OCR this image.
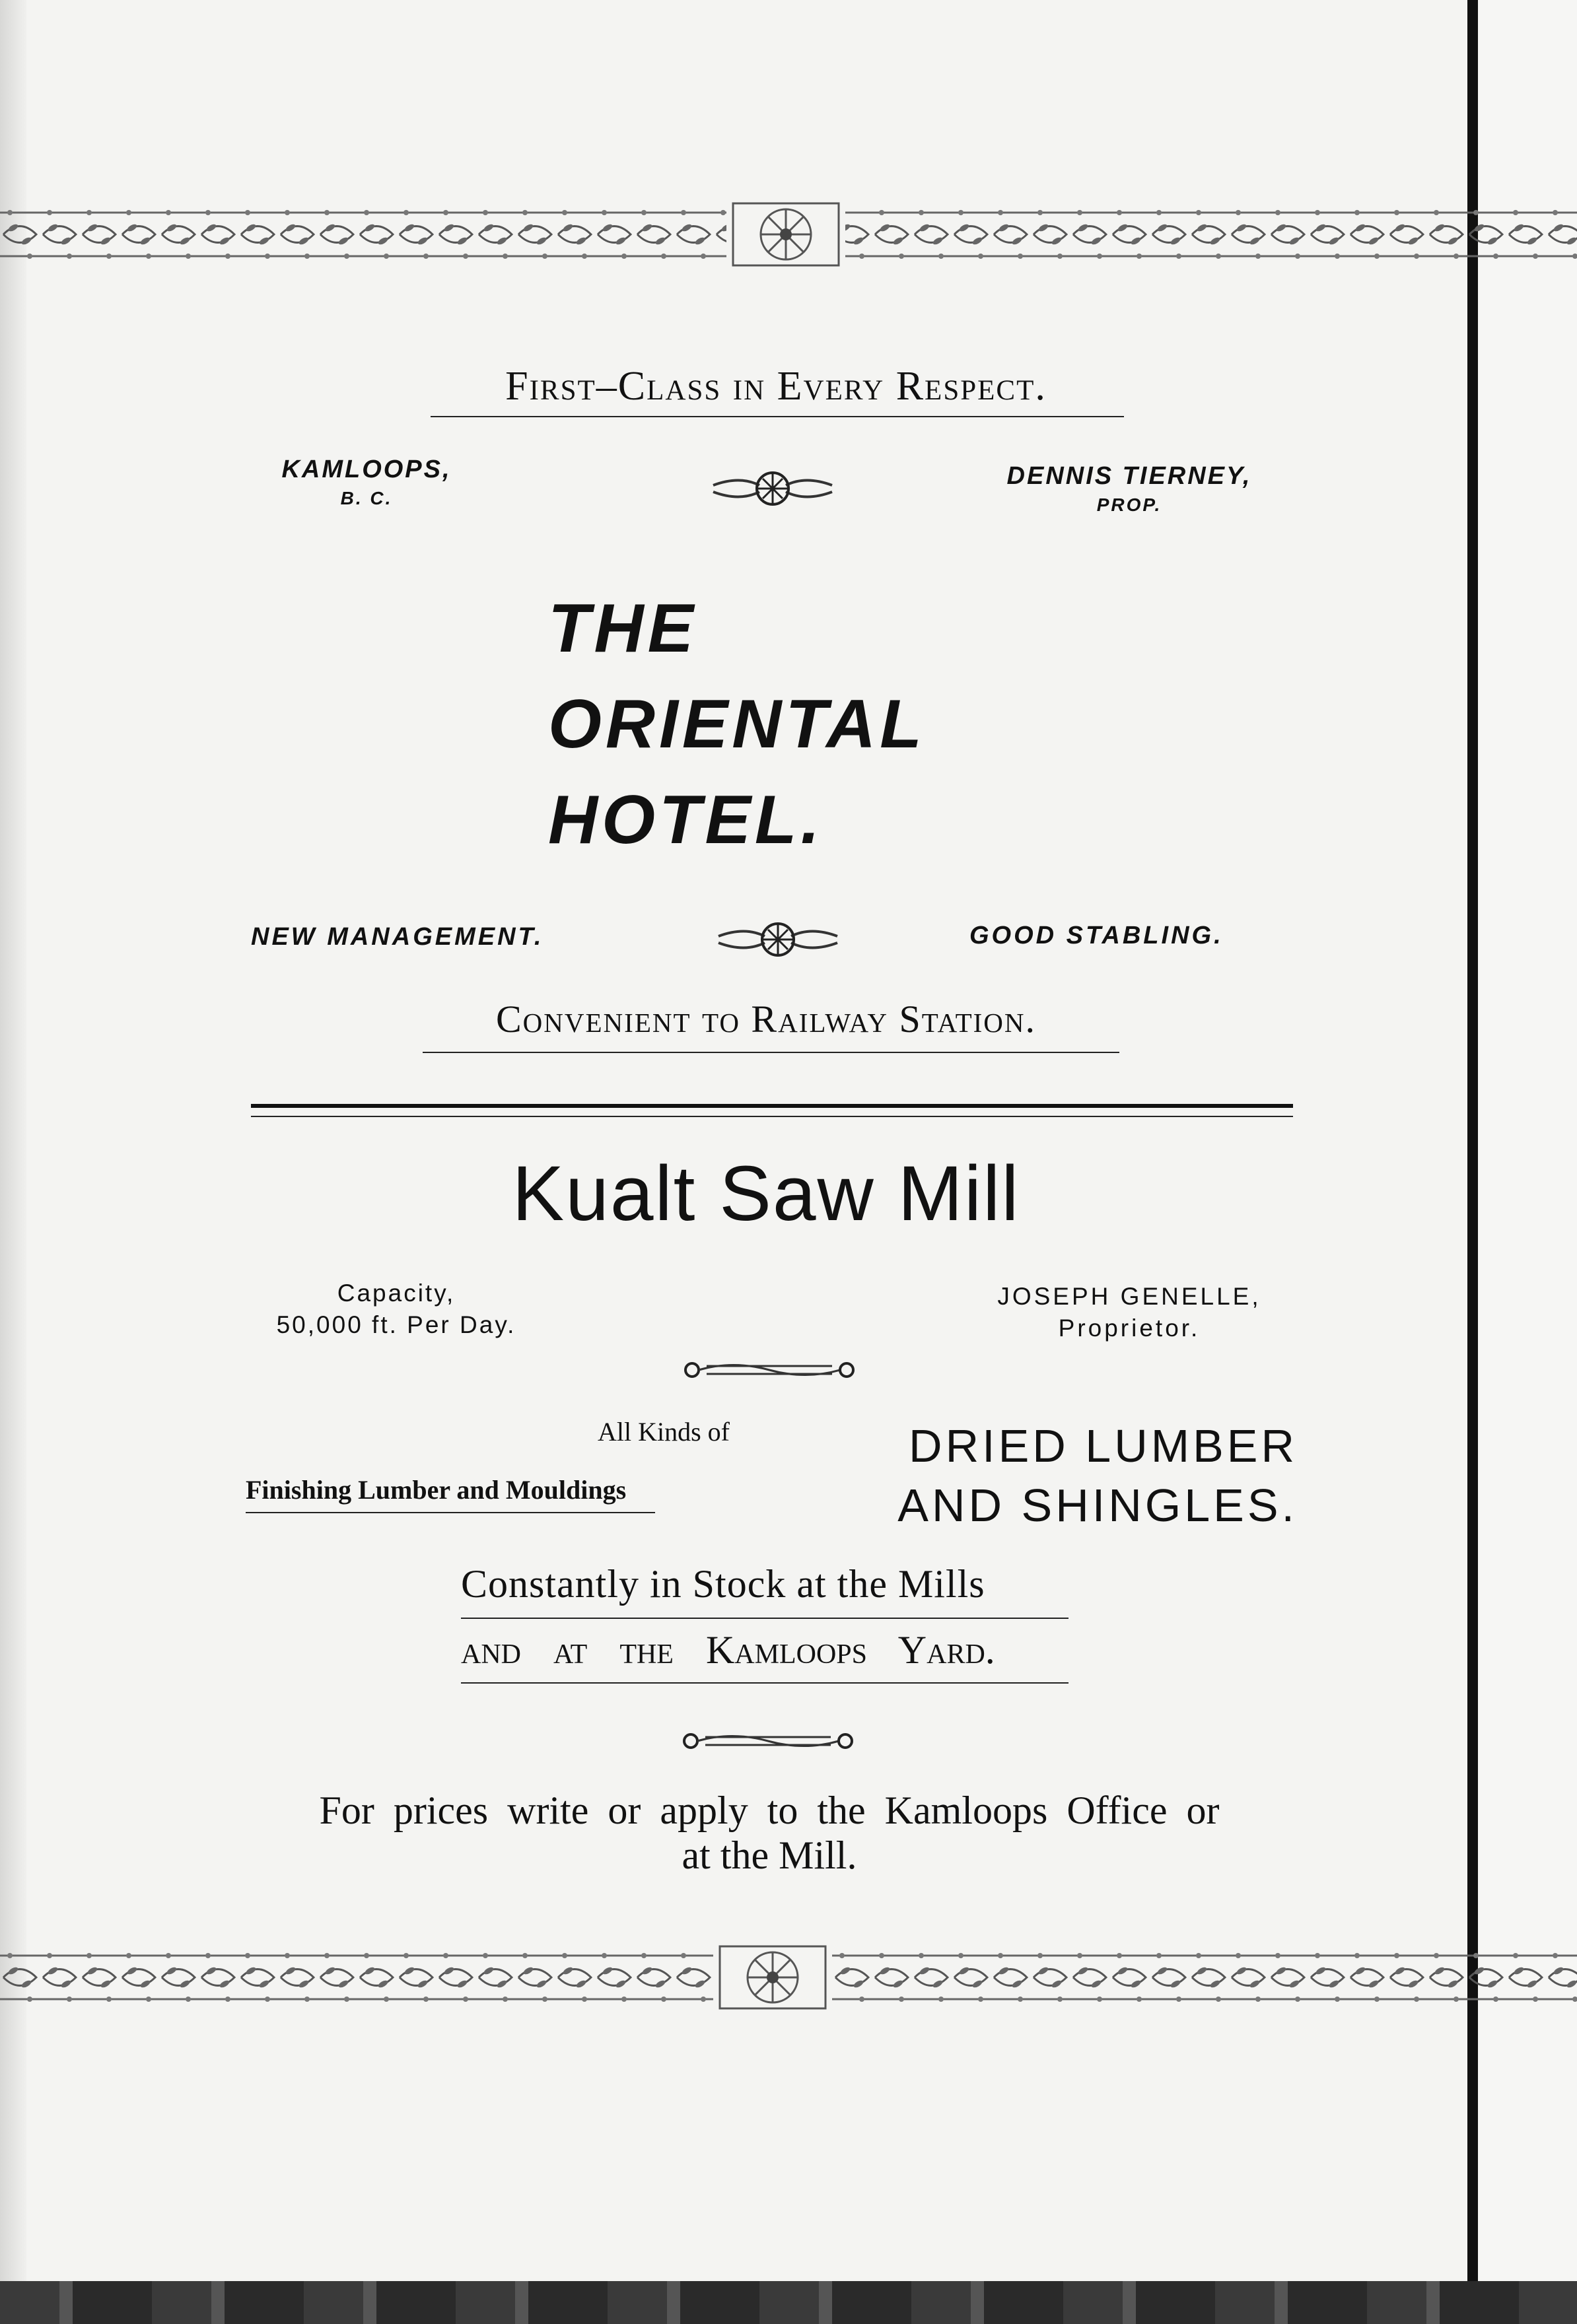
First–Class in Every Respect.
KAMLOOPS,
B. C.
DENNIS TIERNEY,
PROP.
THE
ORIENTAL
HOTEL.
NEW MANAGEMENT.	GOOD STABLING.
Convenient to Railway Station.
Kualt Saw Mill
Capacity,
50,000 ft. Per Day.
JOSEPH GENELLE,
Proprietor.
All Kinds of
Finishing Lumber and Mouldings
DRIED LUMBER
AND SHINGLES.
Constantly in Stock at the Mills
and at the Kamloops Yard.
For prices write or apply to the Kamloops Office or
at the Mill.
